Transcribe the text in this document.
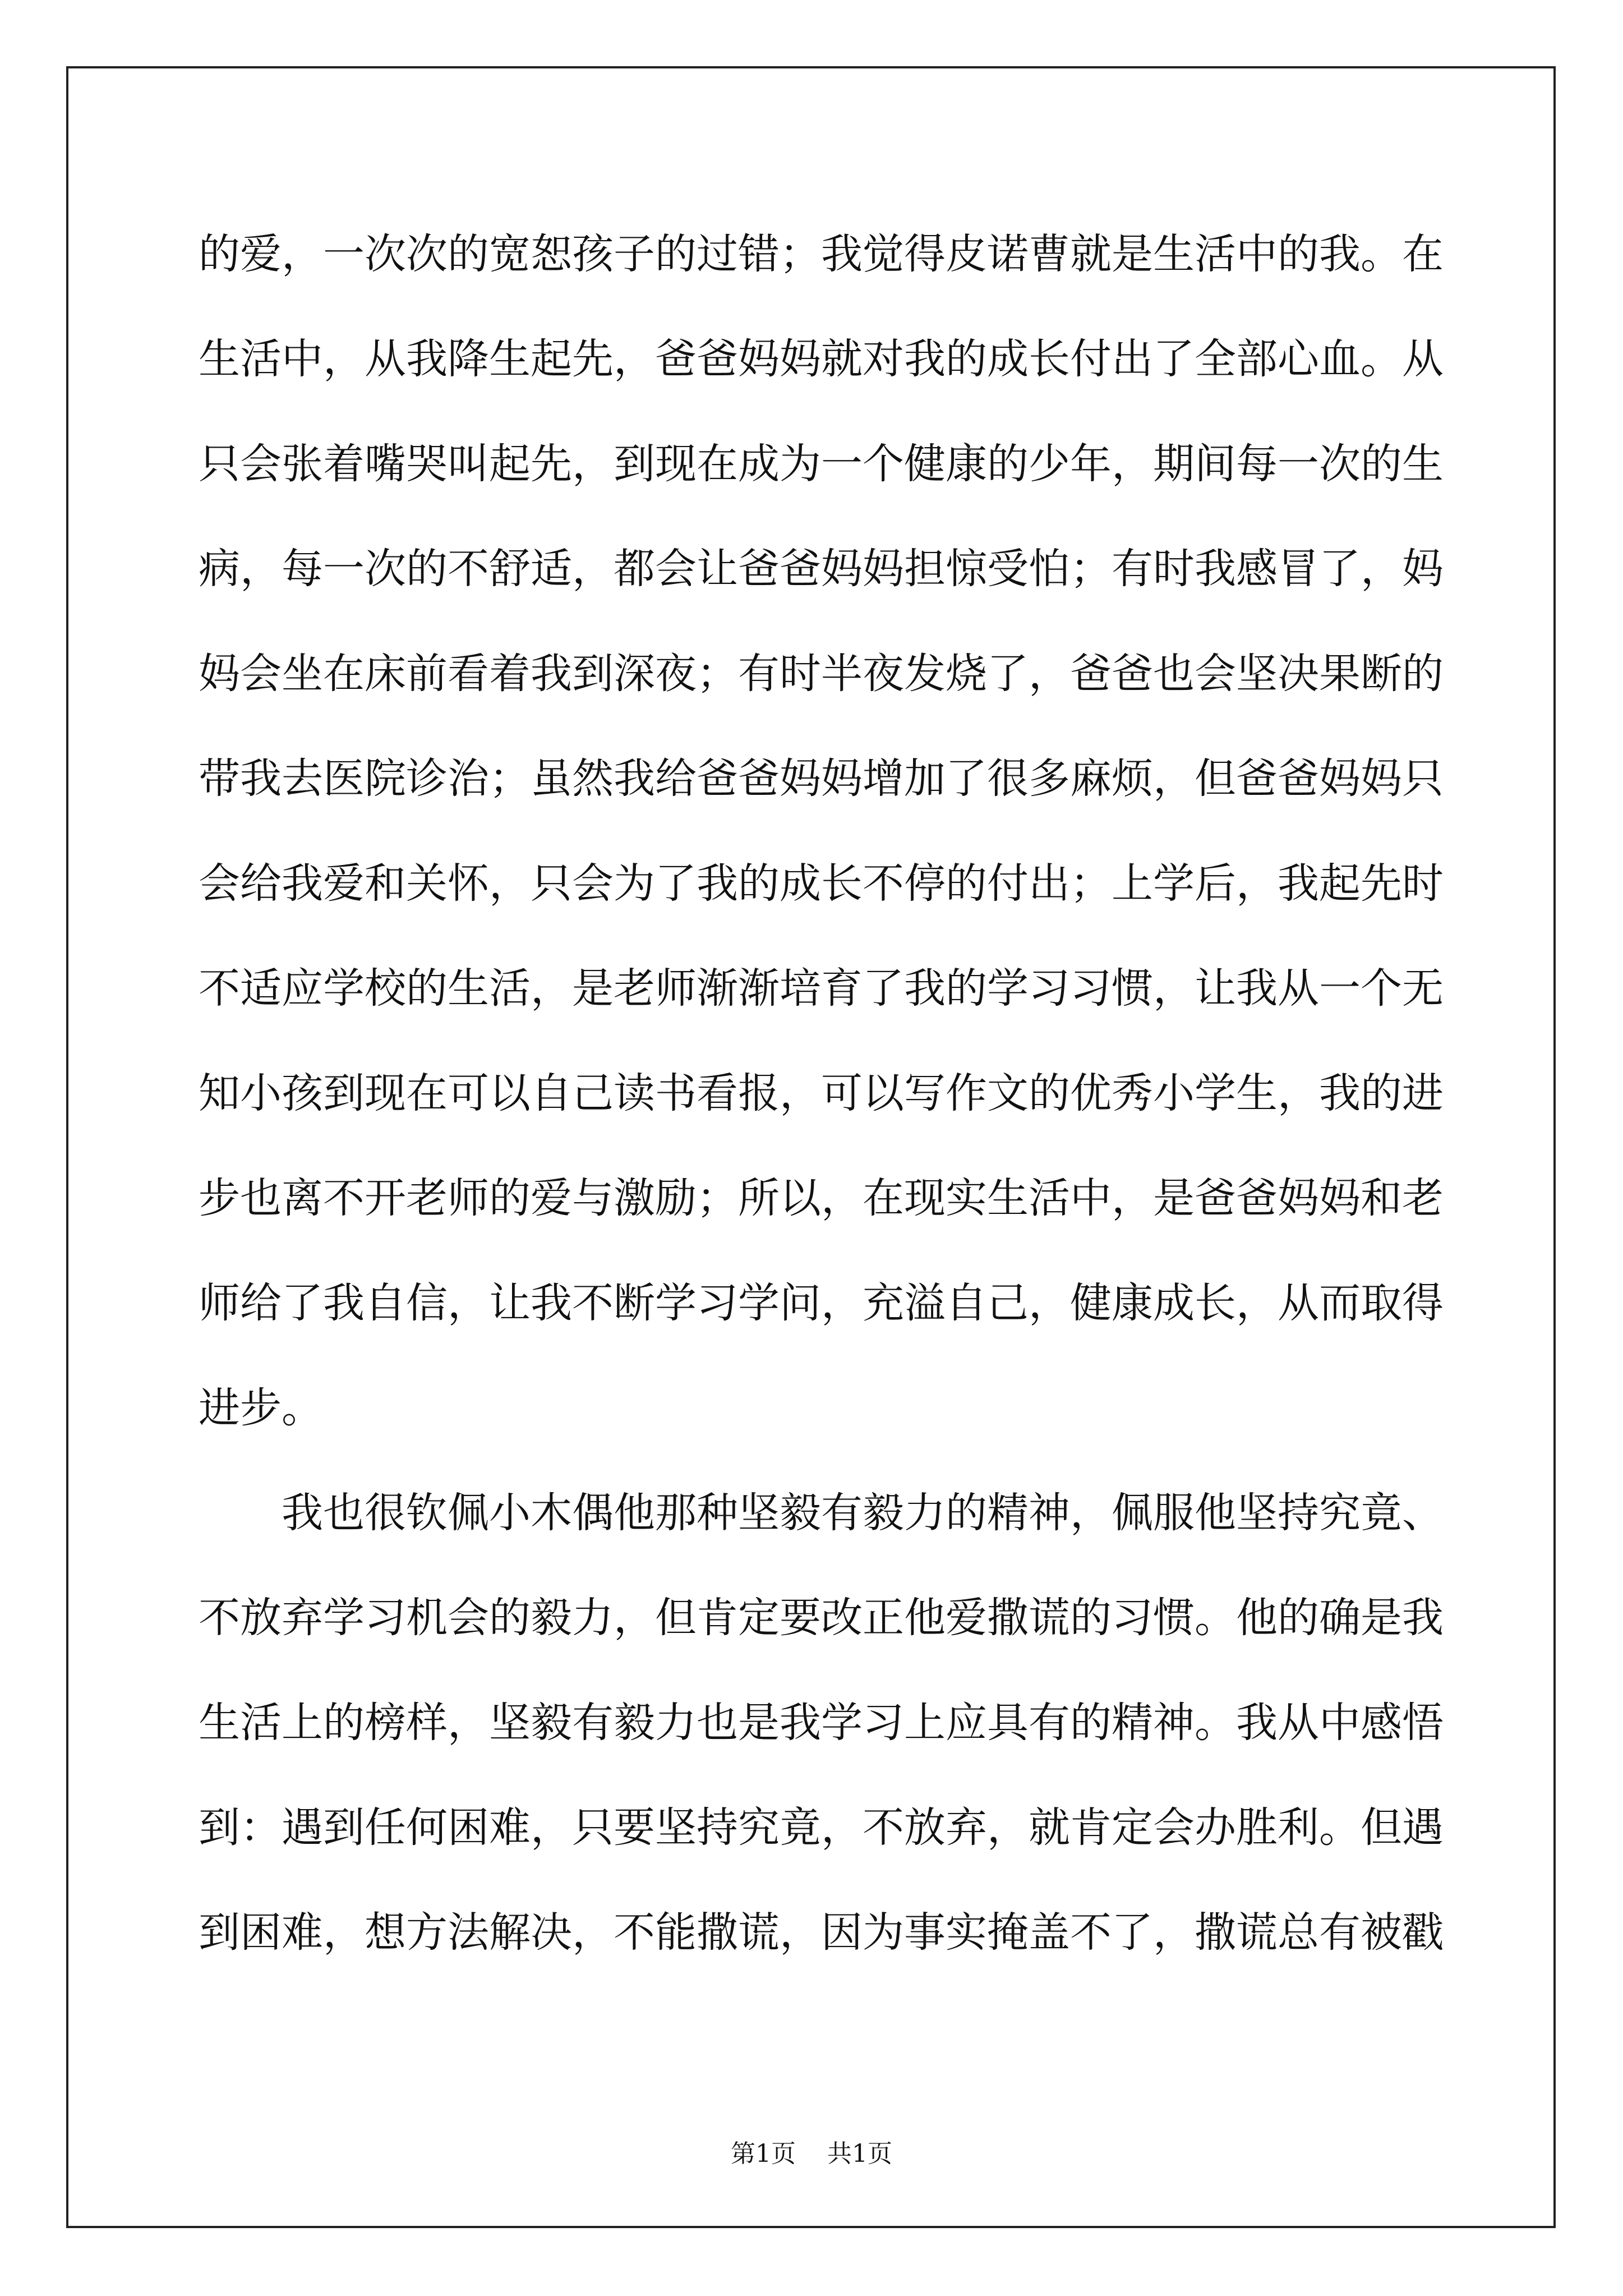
的爱，一次次的宽恕孩子的过错；我觉得皮诺曹就是生活中的我。在
生活中，从我降生起先，爸爸妈妈就对我的成长付出了全部心血。从
只会张着嘴哭叫起先，到现在成为一个健康的少年，期间每一次的生
病，每一次的不舒适，都会让爸爸妈妈担惊受怕；有时我感冒了，妈
妈会坐在床前看着我到深夜；有时半夜发烧了，爸爸也会坚决果断的
带我去医院诊治；虽然我给爸爸妈妈增加了很多麻烦，但爸爸妈妈只
会给我爱和关怀，只会为了我的成长不停的付出；上学后，我起先时
不适应学校的生活，是老师渐渐培育了我的学习习惯，让我从一个无
知小孩到现在可以自己读书看报，可以写作文的优秀小学生，我的进
步也离不开老师的爱与激励；所以，在现实生活中，是爸爸妈妈和老
师给了我自信，让我不断学习学问，充溢自己，健康成长，从而取得
进步。
我也很钦佩小木偶他那种坚毅有毅力的精神，佩服他坚持究竟、
不放弃学习机会的毅力，但肯定要改正他爱撒谎的习惯。他的确是我
生活上的榜样，坚毅有毅力也是我学习上应具有的精神。我从中感悟
到：遇到任何困难，只要坚持究竟，不放弃，就肯定会办胜利。但遇
到困难，想方法解决，不能撒谎，因为事实掩盖不了，撒谎总有被戳
第1页 共1页
